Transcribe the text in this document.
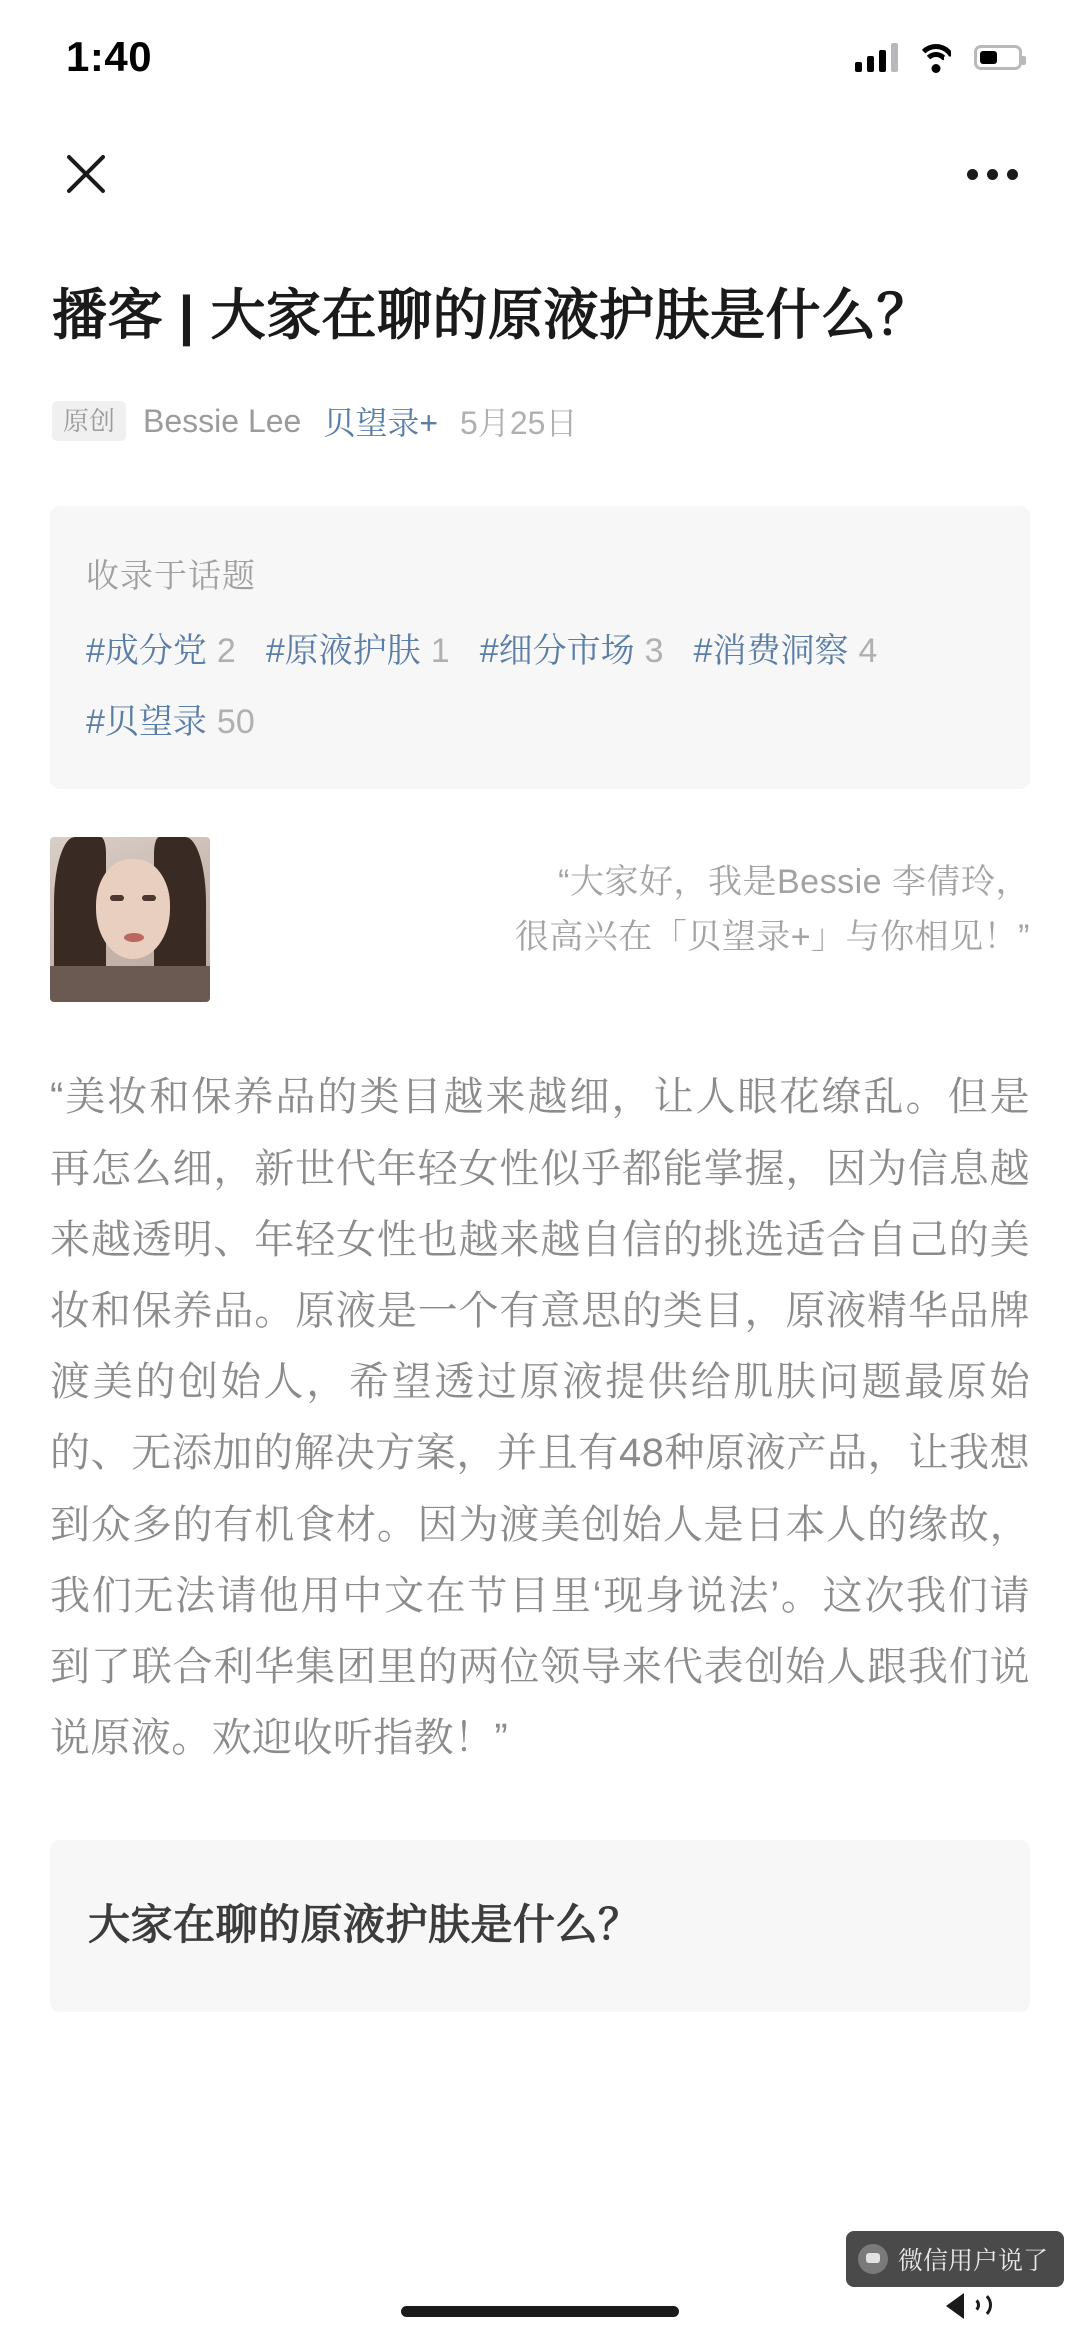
1:40
播客 | 大家在聊的原液护肤是什么？
原创 Bessie Lee 贝望录+ 5月25日
收录于话题
#成分党 2 #原液护肤 1 #细分市场 3 #消费洞察 4
#贝望录 50
“大家好，我是Bessie 李倩玲，
很高兴在「贝望录+」与你相见！”

“美妆和保养品的类目越来越细，让人眼花缭乱。但是再怎么细，新世代年轻女性似乎都能掌握，因为信息越来越透明、年轻女性也越来越自信的挑选适合自己的美妆和保养品。原液是一个有意思的类目，原液精华品牌渡美的创始人，希望透过原液提供给肌肤问题最原始的、无添加的解决方案，并且有48种原液产品，让我想到众多的有机食材。因为渡美创始人是日本人的缘故，我们无法请他用中文在节目里‘现身说法’。这次我们请到了联合利华集团里的两位领导来代表创始人跟我们说说原液。欢迎收听指教！”

大家在聊的原液护肤是什么？
微信用户说了
